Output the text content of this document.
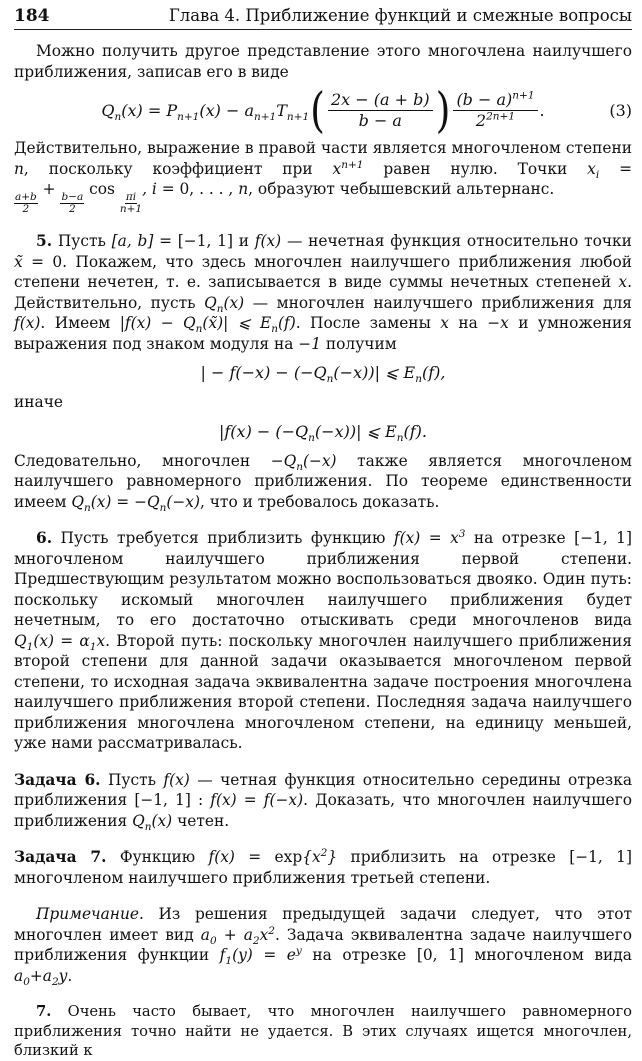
184	Глава 4. Приближение функций и смежные вопросы

Можно получить другое представление этого многочлена наилучшего приближения, записав его в виде

$Q_n(x) = P_{n+1}(x) - a_{n+1}T_{n+1}$ ( $\frac{2x - (a + b)}{b - a}$ ) $\frac{(b - a)^{n+1}}{2^{2n+1}}$ .	(3)

Действительно, выражение в правой части является многочленом степени n, поскольку коэффициент при $x^{n+1}$ равен нулю. Точки $x_i$ =
$\frac{a+b}{2}$
+
$\frac{b-a}{2}$
cos
$\frac{\pi i}{n+1}$
, i = 0, . . . , n, образуют чебышевский альтернанс.

5. Пусть [a, b] = [−1, 1] и f(x) — нечетная функция относительно точки x̃ = 0. Покажем, что здесь многочлен наилучшего приближения любой степени нечетен, т. е. записывается в виде суммы нечетных степеней x. Действительно, пусть $Q_n(x)$ — многочлен наилучшего приближения для f(x). Имеем $|f(x) - Q_n(x̃)|$ ⩽ $E_n(f)$. После замены x на −x и умножения выражения под знаком модуля на −1 получим

| − $f(-x) - (-Q_n(-x))|$ ⩽ $E_n(f)$,

иначе

$|f(x) - (-Q_n(-x))|$ ⩽ $E_n(f)$.

Следовательно, многочлен $-Q_n(-x)$ также является многочленом наилучшего равномерного приближения. По теореме единственности имеем $Q_n(x) = -Q_n(-x)$, что и требовалось доказать.

6. Пусть требуется приблизить функцию $f(x) = x^3$ на отрезке [−1, 1] многочленом наилучшего приближения первой степени. Предшествующим результатом можно воспользоваться двояко. Один путь: поскольку искомый многочлен наилучшего приближения будет нечетным, то его достаточно отыскивать среди многочленов вида $Q_1(x) = \alpha_1x$. Второй путь: поскольку многочлен наилучшего приближения второй степени для данной задачи оказывается многочленом первой степени, то исходная задача эквивалентна задаче построения многочлена наилучшего приближения второй степени. Последняя задача наилучшего приближения многочлена многочленом степени, на единицу меньшей, уже нами рассматривалась.

Задача 6. Пусть f(x) — четная функция относительно середины отрезка приближения [−1, 1] : f(x) = f(−x). Доказать, что многочлен наилучшего приближения $Q_n(x)$ четен.

Задача 7. Функцию $f(x) = \exp\{x^2\}$ приблизить на отрезке [−1, 1] многочленом наилучшего приближения третьей степени.

Примечание. Из решения предыдущей задачи следует, что этот многочлен имеет вид $a_0 + a_2x^2$. Задача эквивалентна задаче наилучшего приближения функции $f_1(y) = e^y$ на отрезке [0, 1] многочленом вида $a_0+a_2y$.

7. Очень часто бывает, что многочлен наилучшего равномерного приближения точно найти не удается. В этих случаях ищется многочлен, близкий к
